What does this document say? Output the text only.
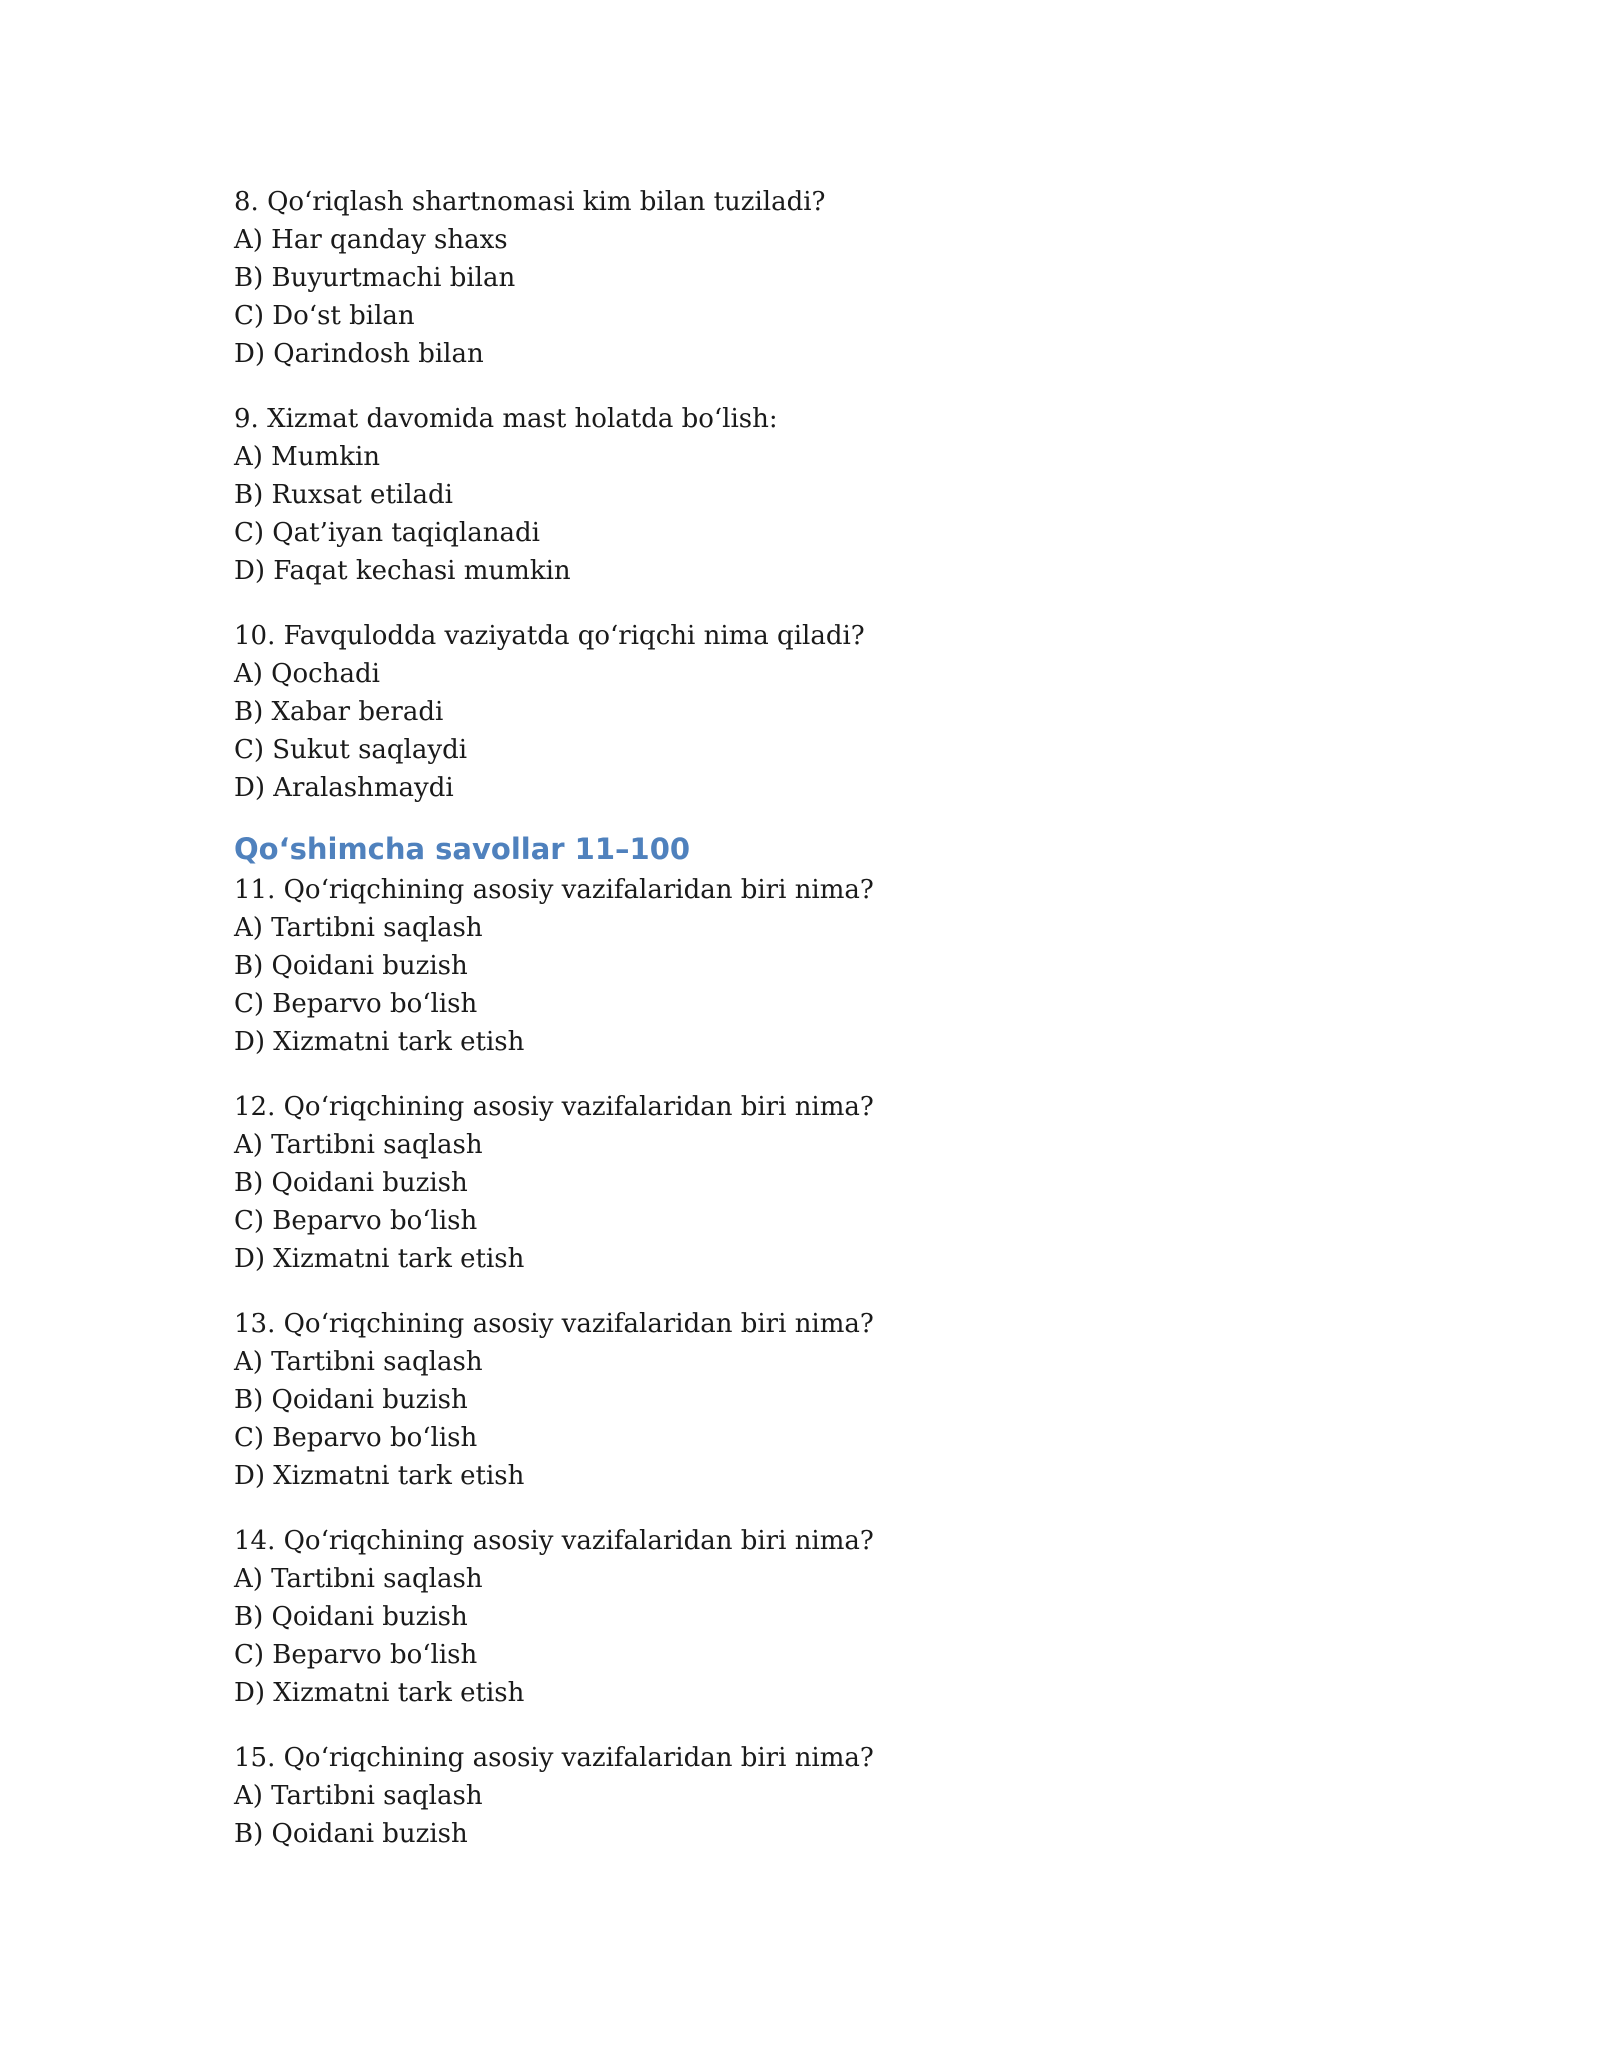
8. Qo‘riqlash shartnomasi kim bilan tuziladi?
A) Har qanday shaxs
B) Buyurtmachi bilan
C) Do‘st bilan
D) Qarindosh bilan
9. Xizmat davomida mast holatda bo‘lish:
A) Mumkin
B) Ruxsat etiladi
C) Qat’iyan taqiqlanadi
D) Faqat kechasi mumkin
10. Favqulodda vaziyatda qo‘riqchi nima qiladi?
A) Qochadi
B) Xabar beradi
C) Sukut saqlaydi
D) Aralashmaydi
Qo‘shimcha savollar 11–100
11. Qo‘riqchining asosiy vazifalaridan biri nima?
A) Tartibni saqlash
B) Qoidani buzish
C) Beparvo bo‘lish
D) Xizmatni tark etish
12. Qo‘riqchining asosiy vazifalaridan biri nima?
A) Tartibni saqlash
B) Qoidani buzish
C) Beparvo bo‘lish
D) Xizmatni tark etish
13. Qo‘riqchining asosiy vazifalaridan biri nima?
A) Tartibni saqlash
B) Qoidani buzish
C) Beparvo bo‘lish
D) Xizmatni tark etish
14. Qo‘riqchining asosiy vazifalaridan biri nima?
A) Tartibni saqlash
B) Qoidani buzish
C) Beparvo bo‘lish
D) Xizmatni tark etish
15. Qo‘riqchining asosiy vazifalaridan biri nima?
A) Tartibni saqlash
B) Qoidani buzish
